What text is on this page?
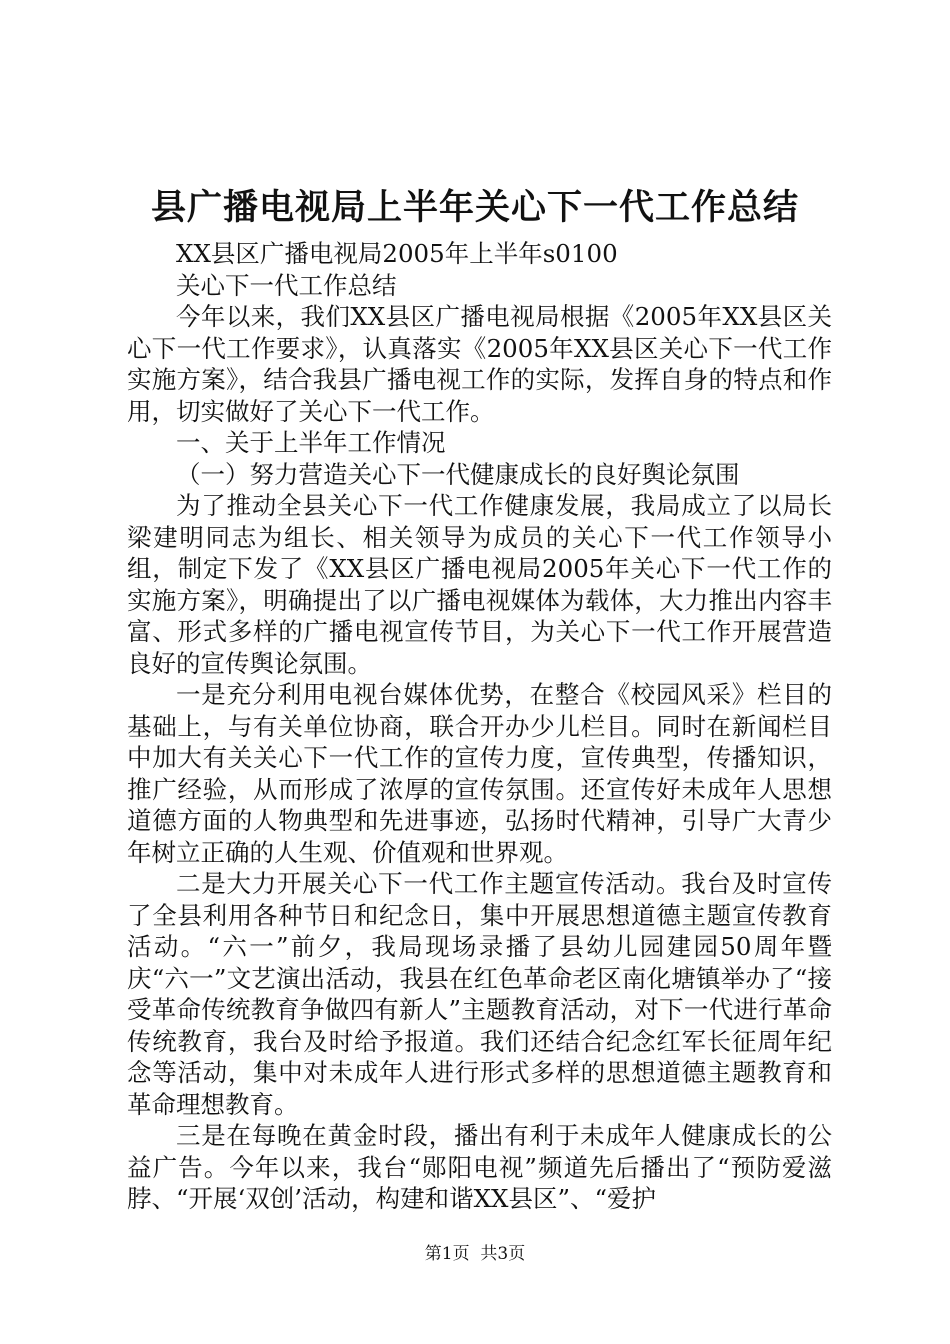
县广播电视局上半年关心下一代工作总结

XX县区广播电视局2005年上半年s0100

关心下一代工作总结

今年以来，我们XX县区广播电视局根据《2005年XX县区关心下一代工作要求》，认真落实《2005年XX县区关心下一代工作实施方案》，结合我县广播电视工作的实际，发挥自身的特点和作用，切实做好了关心下一代工作。

一、关于上半年工作情况

（一）努力营造关心下一代健康成长的良好舆论氛围

为了推动全县关心下一代工作健康发展，我局成立了以局长梁建明同志为组长、相关领导为成员的关心下一代工作领导小组，制定下发了《XX县区广播电视局2005年关心下一代工作的实施方案》，明确提出了以广播电视媒体为载体，大力推出内容丰富、形式多样的广播电视宣传节目，为关心下一代工作开展营造良好的宣传舆论氛围。

一是充分利用电视台媒体优势，在整合《校园风采》栏目的基础上，与有关单位协商，联合开办少儿栏目。同时在新闻栏目中加大有关关心下一代工作的宣传力度，宣传典型，传播知识，推广经验，从而形成了浓厚的宣传氛围。还宣传好未成年人思想道德方面的人物典型和先进事迹，弘扬时代精神，引导广大青少年树立正确的人生观、价值观和世界观。

二是大力开展关心下一代工作主题宣传活动。我台及时宣传了全县利用各种节日和纪念日，集中开展思想道德主题宣传教育活动。“六一”前夕，我局现场录播了县幼儿园建园50周年暨庆“六一”文艺演出活动，我县在红色革命老区南化塘镇举办了“接受革命传统教育争做四有新人”主题教育活动，对下一代进行革命传统教育，我台及时给予报道。我们还结合纪念红军长征周年纪念等活动，集中对未成年人进行形式多样的思想道德主题教育和革命理想教育。

三是在每晚在黄金时段，播出有利于未成年人健康成长的公益广告。今年以来，我台“郧阳电视”频道先后播出了“预防爱滋脖、“开展‘双创’活动，构建和谐XX县区”、“爱护

第1页  共3页
